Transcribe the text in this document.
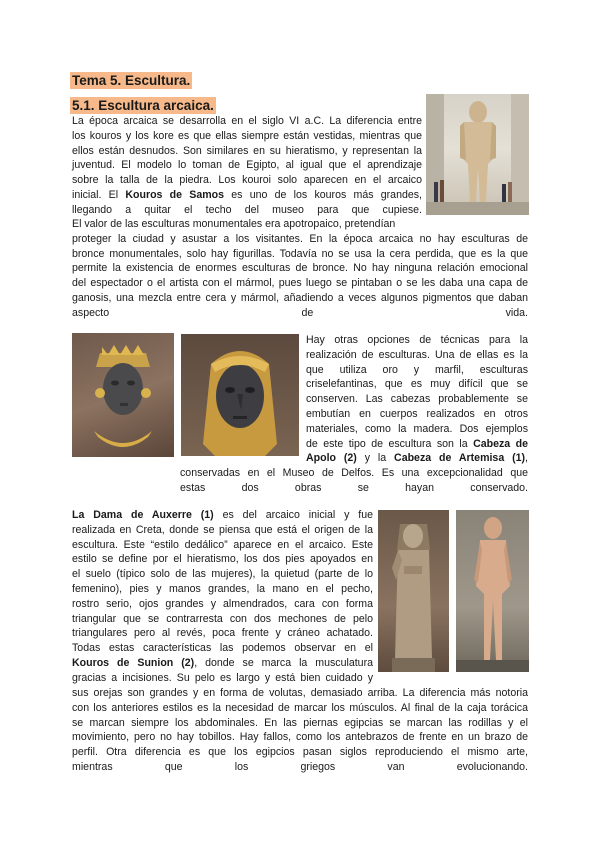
Tema 5. Escultura.
5.1. Escultura arcaica.
La época arcaica se desarrolla en el siglo VI a.C. La diferencia entre
los kouros y los kore es que ellas siempre están vestidas, mientras que
ellos están desnudos. Son similares en su hieratismo, y representan la
juventud. El modelo lo toman de Egipto, al igual que el aprendizaje
sobre la talla de la piedra. Los kouroi solo aparecen en el arcaico
inicial. El Kouros de Samos es uno de los kouros más grandes,
llegando a quitar el techo del museo para que cupiese.
El valor de las esculturas monumentales era apotropaico, pretendían
proteger la ciudad y asustar a los visitantes. En la época arcaica no hay esculturas de
bronce monumentales, solo hay figurillas. Todavía no se usa la cera perdida, que es la que
permite la existencia de enormes esculturas de bronce. No hay ninguna relación emocional
del espectador o el artista con el mármol, pues luego se pintaban o se les daba una capa de
ganosis, una mezcla entre cera y mármol, añadiendo a veces algunos pigmentos que daban
aspecto de vida.
Hay otras opciones de técnicas para la
realización de esculturas. Una de ellas es la
que utiliza oro y marfil, esculturas
criselefantinas, que es muy difícil que se
conserven. Las cabezas probablemente se
embutían en cuerpos realizados en otros
materiales, como la madera. Dos ejemplos
de este tipo de escultura son la Cabeza de
Apolo (2) y la Cabeza de Artemisa (1),
conservadas en el Museo de Delfos. Es una excepcionalidad que
estas dos obras se hayan conservado.
La Dama de Auxerre (1) es del arcaico inicial y fue
realizada en Creta, donde se piensa que está el origen de la
escultura. Este “estilo dedálico” aparece en el arcaico. Este
estilo se define por el hieratismo, los dos pies apoyados en
el suelo (típico solo de las mujeres), la quietud (parte de lo
femenino), pies y manos grandes, la mano en el pecho,
rostro serio, ojos grandes y almendrados, cara con forma
triangular que se contrarresta con dos mechones de pelo
triangulares pero al revés, poca frente y cráneo achatado.
Todas estas características las podemos observar en el
Kouros de Sunion (2), donde se marca la musculatura
gracias a incisiones. Su pelo es largo y está bien cuidado y
sus orejas son grandes y en forma de volutas, demasiado arriba. La diferencia más notoria
con los anteriores estilos es la necesidad de marcar los músculos. Al final de la caja torácica
se marcan siempre los abdominales. En las piernas egipcias se marcan las rodillas y el
movimiento, pero no hay tobillos. Hay fallos, como los antebrazos de frente en un brazo de
perfil. Otra diferencia es que los egipcios pasan siglos reproduciendo el mismo arte,
mientras que los griegos van evolucionando.
